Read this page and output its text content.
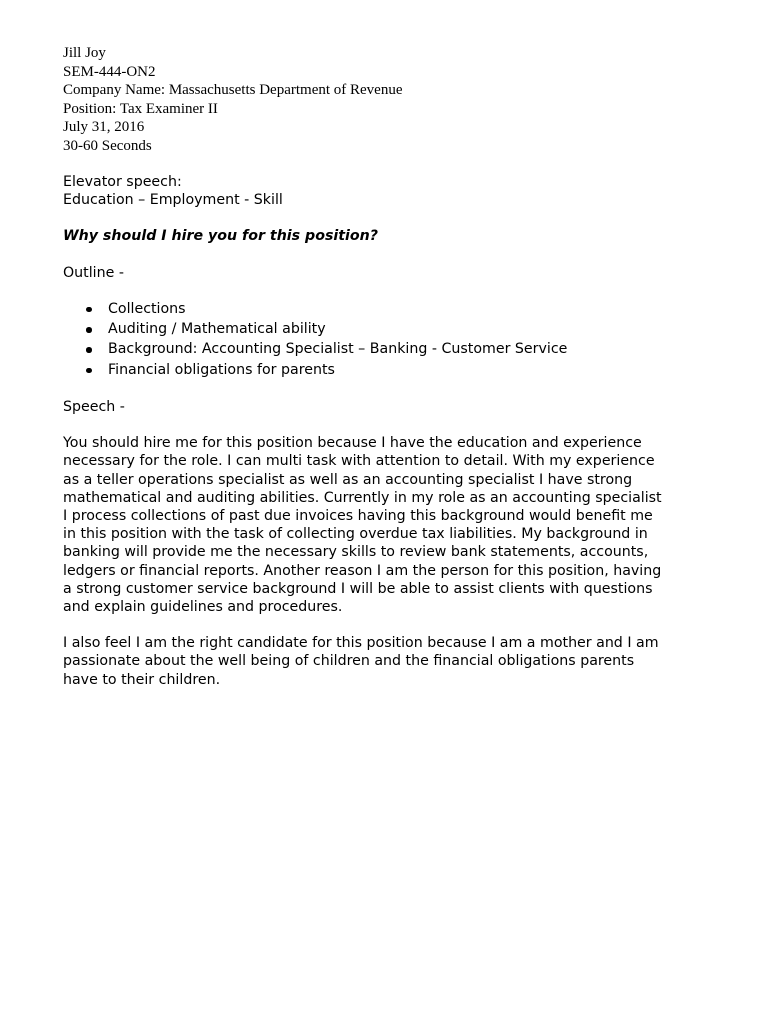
Jill Joy
SEM-444-ON2
Company Name: Massachusetts Department of Revenue
Position: Tax Examiner II
July 31, 2016
30-60 Seconds
Elevator speech:
Education – Employment - Skill
Why should I hire you for this position?
Outline -
Collections
Auditing / Mathematical ability
Background: Accounting Specialist – Banking - Customer Service
Financial obligations for parents
Speech -
You should hire me for this position because I have the education and experience
necessary for the role. I can multi task with attention to detail. With my experience
as a teller operations specialist as well as an accounting specialist I have strong
mathematical and auditing abilities. Currently in my role as an accounting specialist
I process collections of past due invoices having this background would benefit me
in this position with the task of collecting overdue tax liabilities. My background in
banking will provide me the necessary skills to review bank statements, accounts,
ledgers or financial reports. Another reason I am the person for this position, having
a strong customer service background I will be able to assist clients with questions
and explain guidelines and procedures.
I also feel I am the right candidate for this position because I am a mother and I am
passionate about the well being of children and the financial obligations parents
have to their children.
